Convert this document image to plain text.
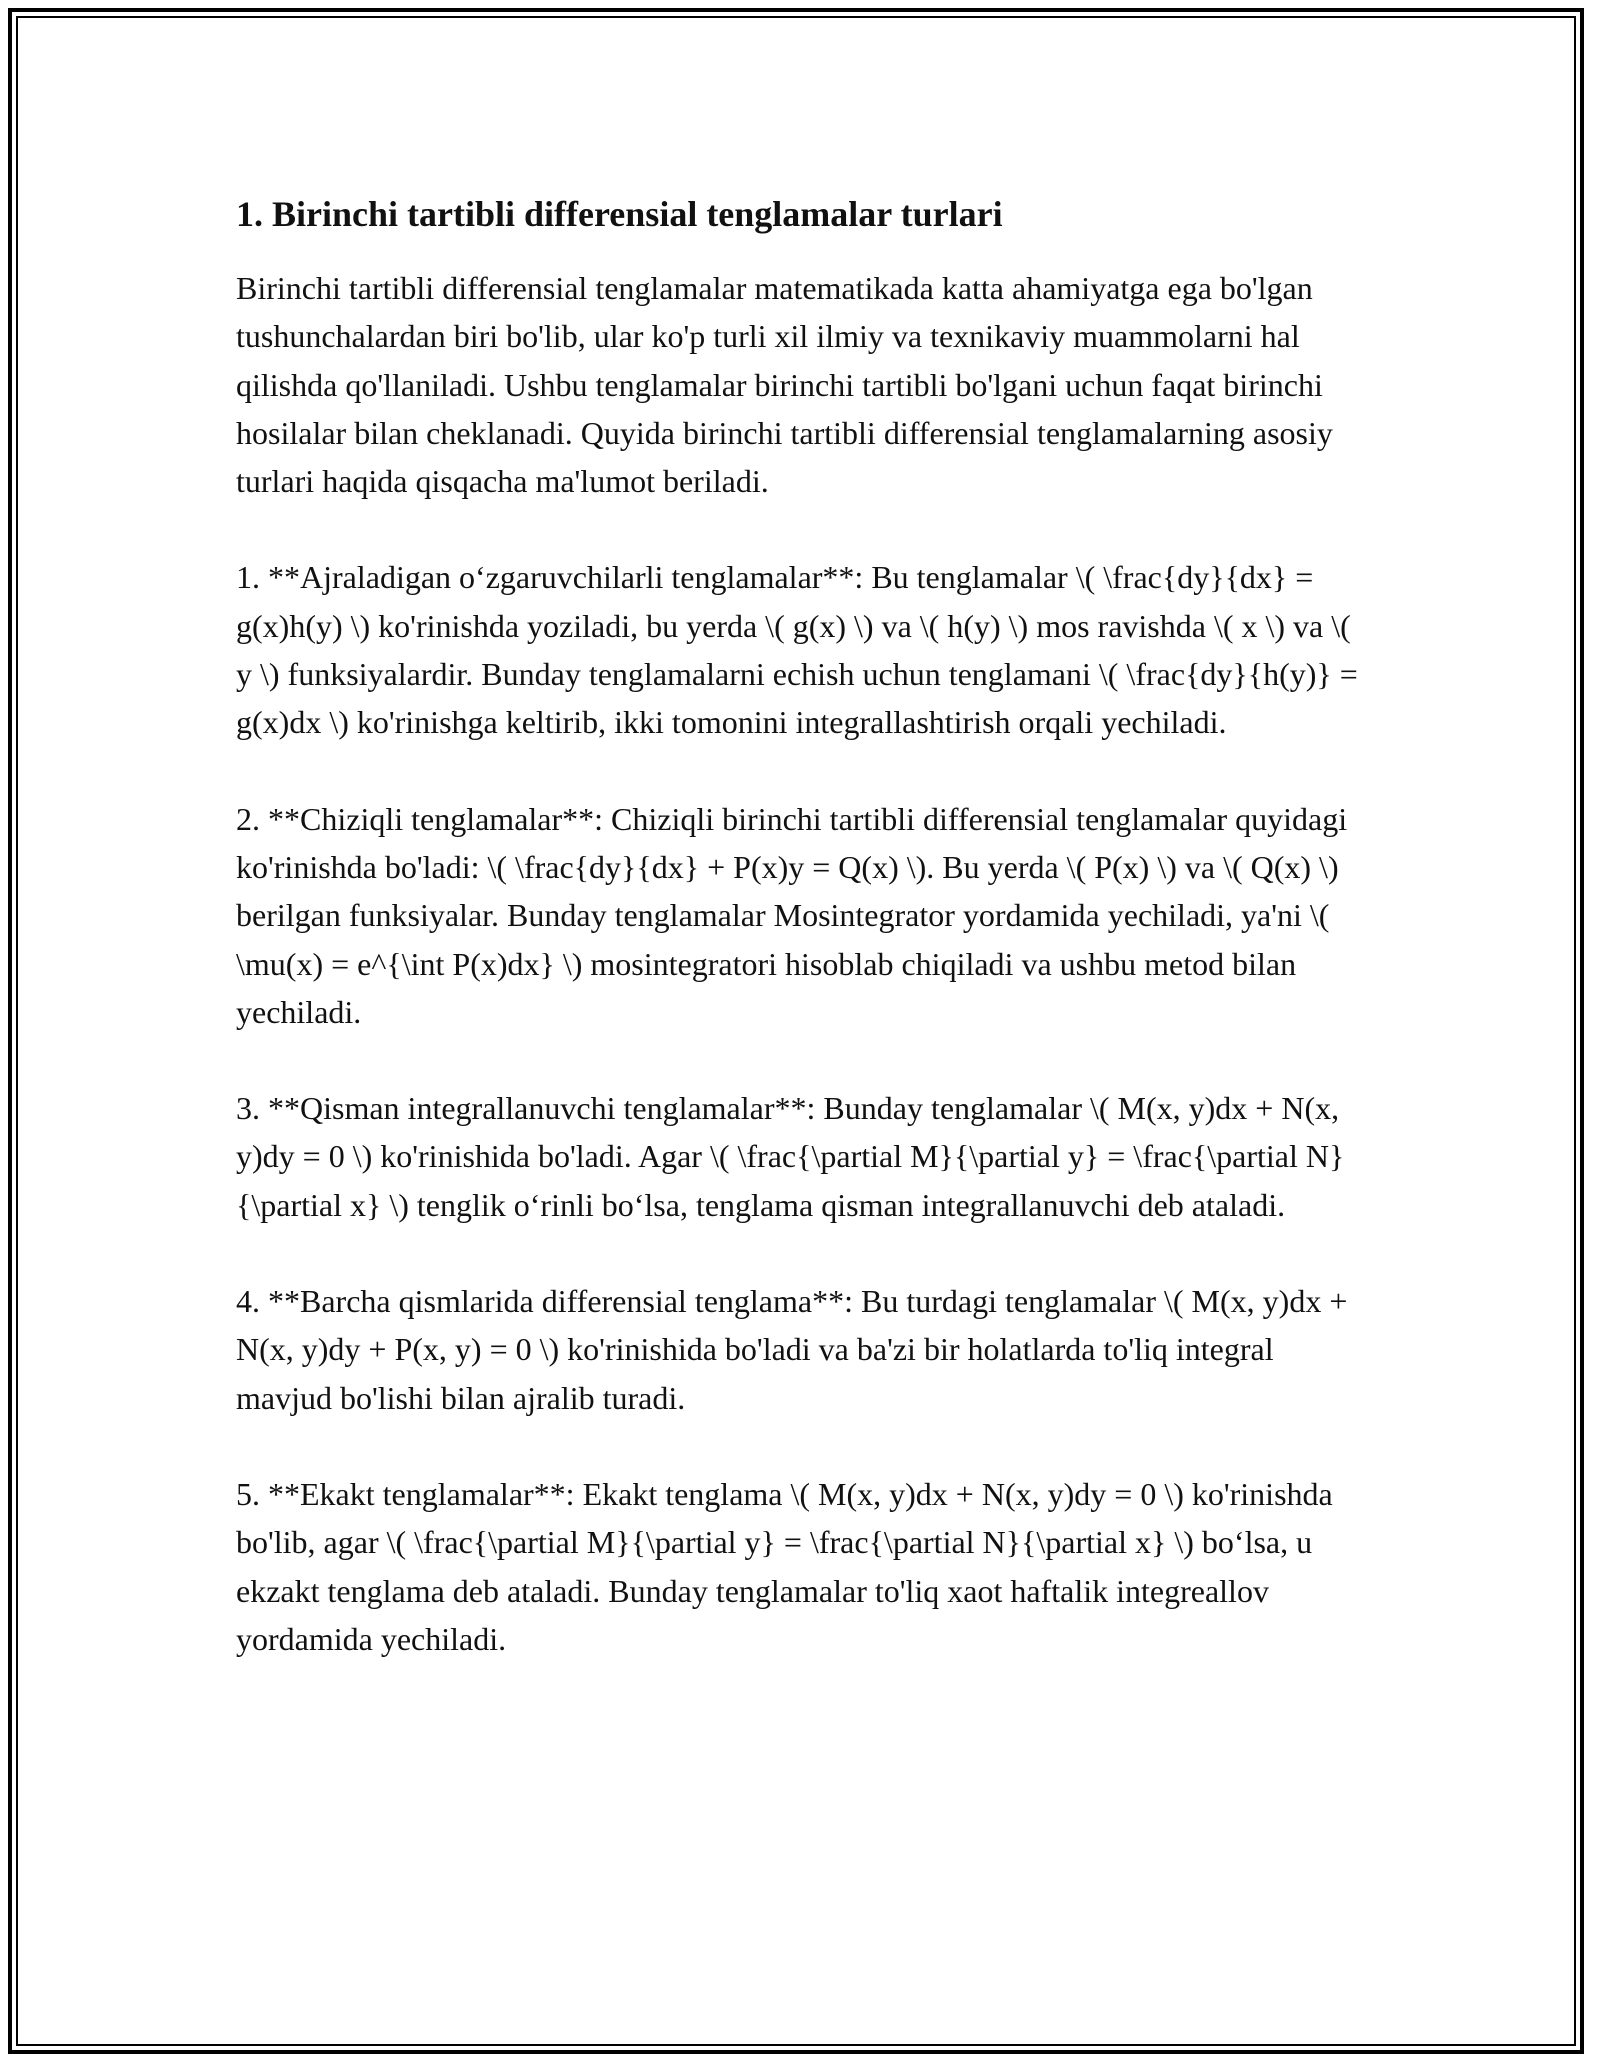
1. Birinchi tartibli differensial tenglamalar turlari

Birinchi tartibli differensial tenglamalar matematikada katta ahamiyatga ega bo'lgan tushunchalardan biri bo'lib, ular ko'p turli xil ilmiy va texnikaviy muammolarni hal qilishda qo'llaniladi. Ushbu tenglamalar birinchi tartibli bo'lgani uchun faqat birinchi hosilalar bilan cheklanadi. Quyida birinchi tartibli differensial tenglamalarning asosiy turlari haqida qisqacha ma'lumot beriladi.

1. **Ajraladigan o‘zgaruvchilarli tenglamalar**: Bu tenglamalar \( \frac{dy}{dx} = g(x)h(y) \) ko'rinishda yoziladi, bu yerda \( g(x) \) va \( h(y) \) mos ravishda \( x \) va \( y \) funksiyalardir. Bunday tenglamalarni echish uchun tenglamani \( \frac{dy}{h(y)} = g(x)dx \) ko'rinishga keltirib, ikki tomonini integrallashtirish orqali yechiladi.

2. **Chiziqli tenglamalar**: Chiziqli birinchi tartibli differensial tenglamalar quyidagi ko'rinishda bo'ladi: \( \frac{dy}{dx} + P(x)y = Q(x) \). Bu yerda \( P(x) \) va \( Q(x) \) berilgan funksiyalar. Bunday tenglamalar Mosintegrator yordamida yechiladi, ya'ni \( \mu(x) = e^{\int P(x)dx} \) mosintegratori hisoblab chiqiladi va ushbu metod bilan yechiladi.

3. **Qisman integrallanuvchi tenglamalar**: Bunday tenglamalar \( M(x, y)dx + N(x, y)dy = 0 \) ko'rinishida bo'ladi. Agar \( \frac{\partial M}{\partial y} = \frac{\partial N}{\partial x} \) tenglik o‘rinli bo‘lsa, tenglama qisman integrallanuvchi deb ataladi.

4. **Barcha qismlarida differensial tenglama**: Bu turdagi tenglamalar \( M(x, y)dx + N(x, y)dy + P(x, y) = 0 \) ko'rinishida bo'ladi va ba'zi bir holatlarda to'liq integral mavjud bo'lishi bilan ajralib turadi.

5. **Ekakt tenglamalar**: Ekakt tenglama \( M(x, y)dx + N(x, y)dy = 0 \) ko'rinishda bo'lib, agar \( \frac{\partial M}{\partial y} = \frac{\partial N}{\partial x} \) bo‘lsa, u ekzakt tenglama deb ataladi. Bunday tenglamalar to'liq xaot haftalik integreallov yordamida yechiladi.
